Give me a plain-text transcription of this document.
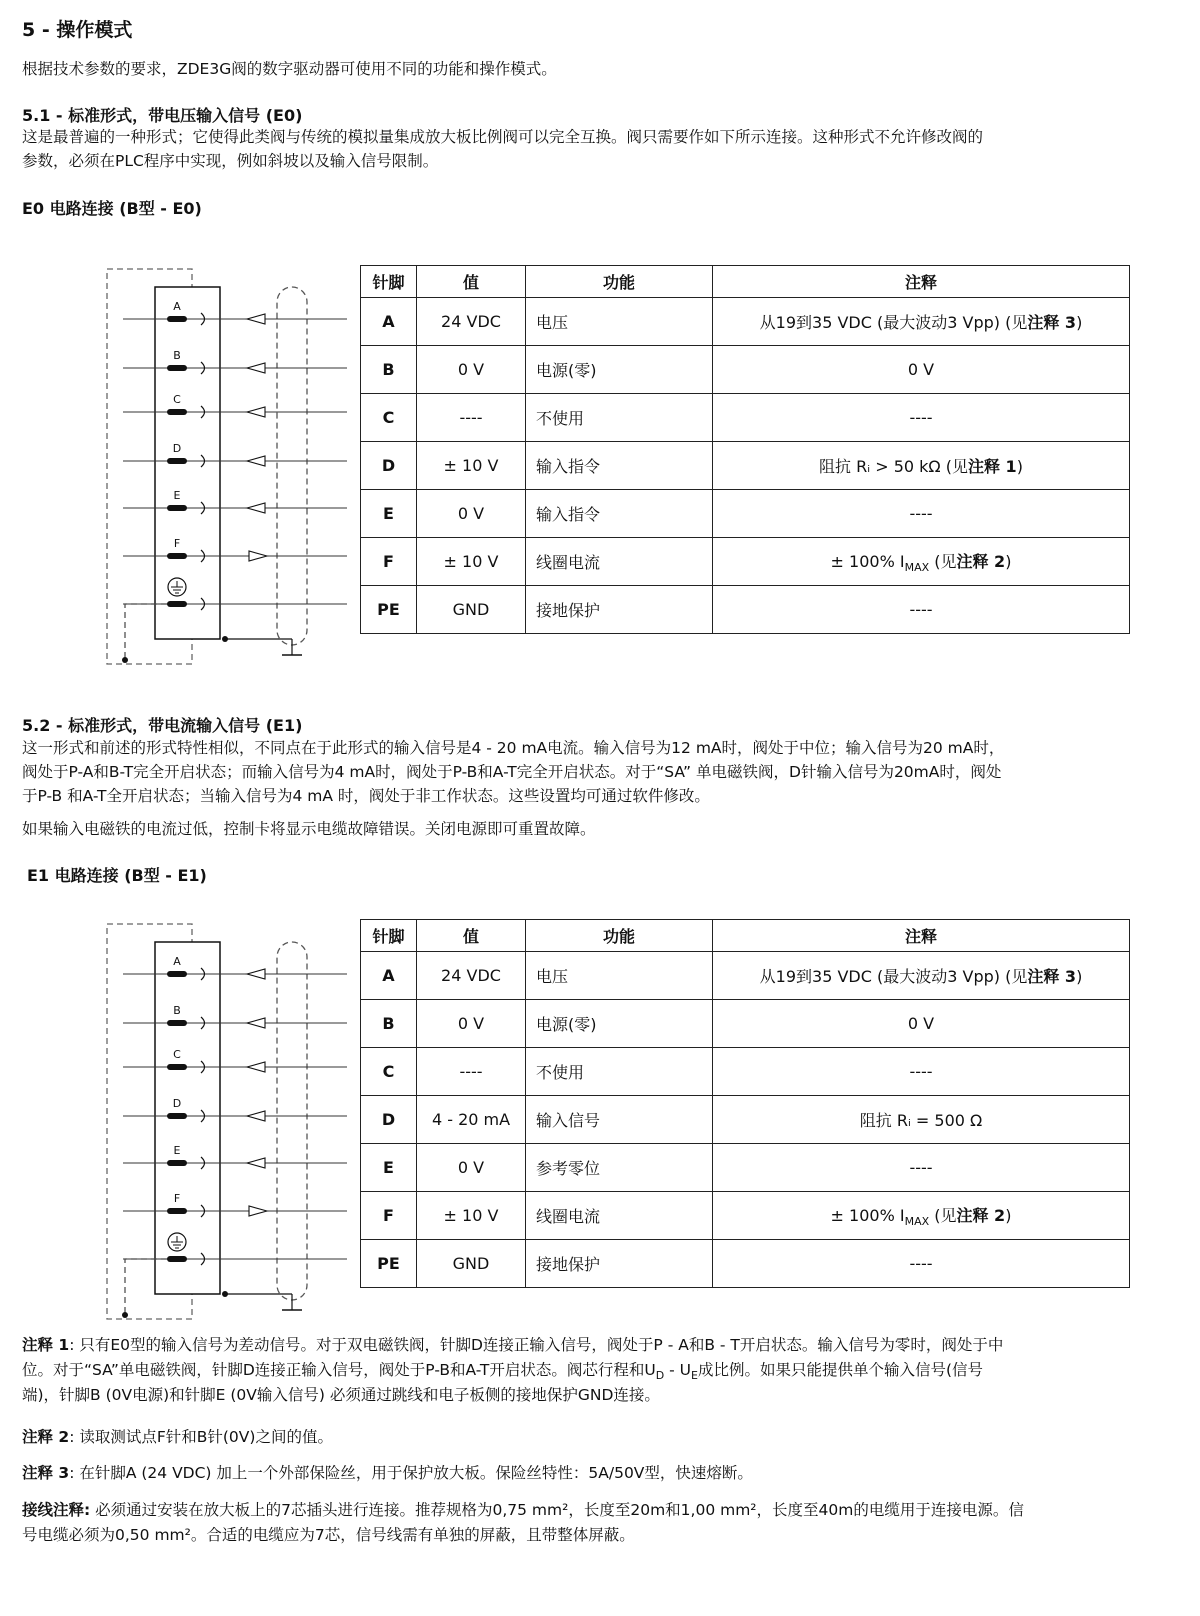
5 - 操作模式
根据技术参数的要求，ZDE3G阀的数字驱动器可使用不同的功能和操作模式。
5.1 - 标准形式，带电压输入信号 (E0)
这是最普遍的一种形式；它使得此类阀与传统的模拟量集成放大板比例阀可以完全互换。阀只需要作如下所示连接。这种形式不允许修改阀的
参数，必须在PLC程序中实现，例如斜坡以及输入信号限制。
E0 电路连接 (B型 - E0)
A
B
C
D
E
F
针脚	值	功能	注释
A	24 VDC	电压	从19到35 VDC (最大波动3 Vpp) (见注释 3)
B	0 V	电源(零)	0 V
C	----	不使用	----
D	± 10 V	输入指令	阻抗 Rᵢ > 50 kΩ (见注释 1)
E	0 V	输入指令	----
F	± 10 V	线圈电流	± 100% $I_{MAX}$ (见注释 2)
PE	GND	接地保护	----
5.2 - 标准形式，带电流输入信号 (E1)
这一形式和前述的形式特性相似，不同点在于此形式的输入信号是4 - 20 mA电流。输入信号为12 mA时，阀处于中位；输入信号为20 mA时，
阀处于P-A和B-T完全开启状态；而输入信号为4 mA时，阀处于P-B和A-T完全开启状态。对于“SA” 单电磁铁阀，D针输入信号为20mA时，阀处
于P-B 和A-T全开启状态；当输入信号为4 mA 时，阀处于非工作状态。这些设置均可通过软件修改。
如果输入电磁铁的电流过低，控制卡将显示电缆故障错误。关闭电源即可重置故障。
E1 电路连接 (B型 - E1)
A
B
C
D
E
F
针脚	值	功能	注释
A	24 VDC	电压	从19到35 VDC (最大波动3 Vpp) (见注释 3)
B	0 V	电源(零)	0 V
C	----	不使用	----
D	4 - 20 mA	输入信号	阻抗 Rᵢ = 500 Ω
E	0 V	参考零位	----
F	± 10 V	线圈电流	± 100% $I_{MAX}$ (见注释 2)
PE	GND	接地保护	----
注释 1: 只有E0型的输入信号为差动信号。对于双电磁铁阀，针脚D连接正输入信号，阀处于P - A和B - T开启状态。输入信号为零时，阀处于中
位。对于“SA”单电磁铁阀，针脚D连接正输入信号，阀处于P-B和A-T开启状态。阀芯行程和$U_D - U_E$成比例。如果只能提供单个输入信号(信号
端)，针脚B (0V电源)和针脚E (0V输入信号) 必须通过跳线和电子板侧的接地保护GND连接。
注释 2: 读取测试点F针和B针(0V)之间的值。
注释 3: 在针脚A (24 VDC) 加上一个外部保险丝，用于保护放大板。保险丝特性：5A/50V型，快速熔断。
接线注释: 必须通过安装在放大板上的7芯插头进行连接。推荐规格为0,75 mm²，长度至20m和1,00 mm²，长度至40m的电缆用于连接电源。信
号电缆必须为0,50 mm²。合适的电缆应为7芯，信号线需有单独的屏蔽，且带整体屏蔽。
